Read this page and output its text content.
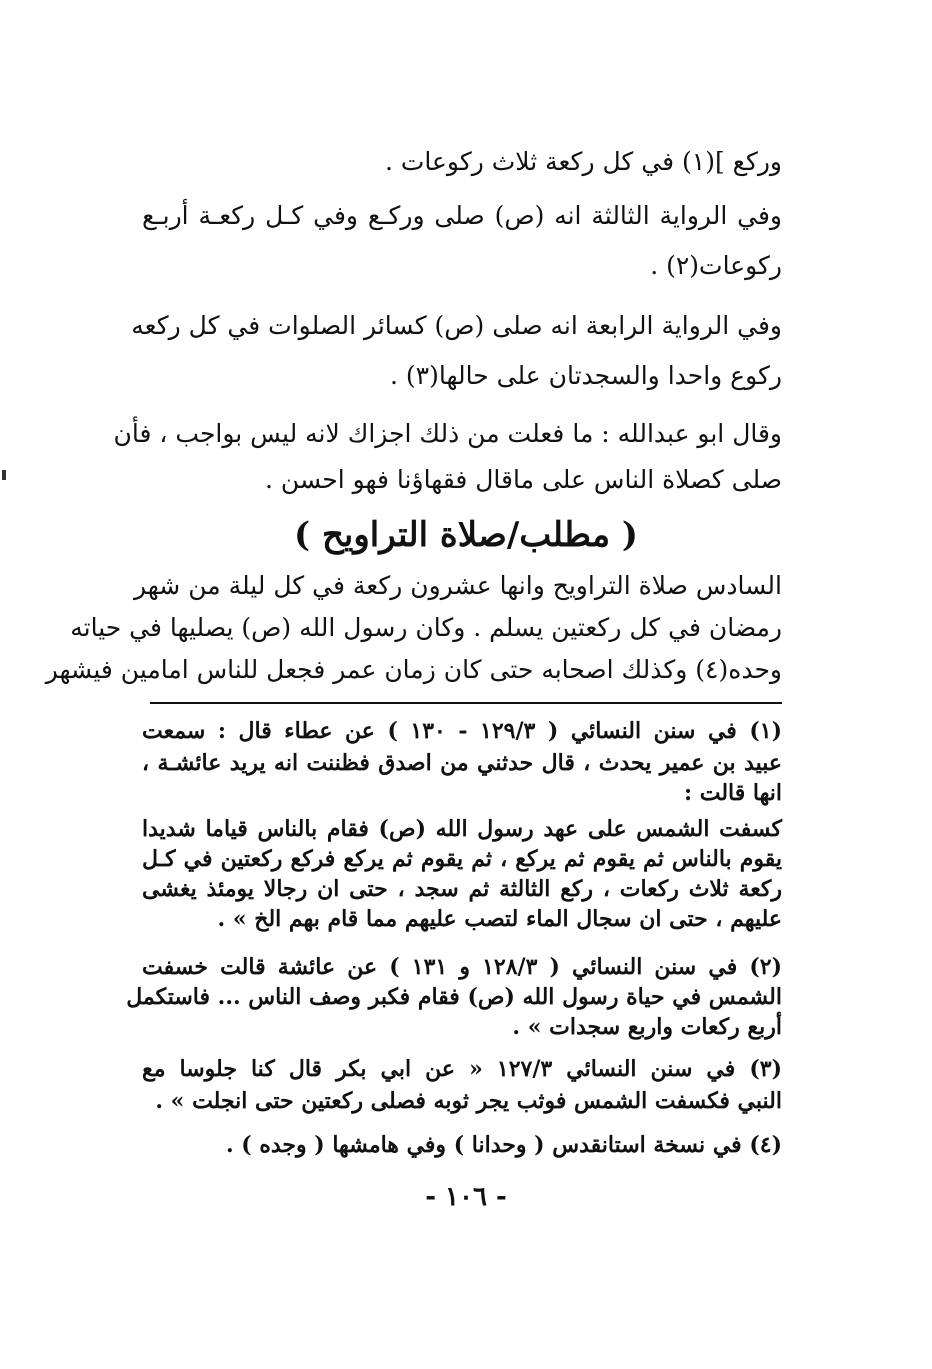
وركع ](١) في كل ركعة ثلاث ركوعات .
وفي الرواية الثالثة انه (ص) صلى وركـع وفي كـل ركعـة أربـع
ركوعات(٢) .
وفي الرواية الرابعة انه صلى (ص) كسائر الصلوات في كل ركعه
ركوع واحدا والسجدتان على حالها(٣) .
وقال ابو عبدالله : ما فعلت من ذلك اجزاك لانه ليس بواجب ، فأن
صلى كصلاة الناس على ماقال فقهاؤنا فهو احسن .
( مطلب/صلاة التراويح )
السادس صلاة التراويح وانها عشرون ركعة في كل ليلة من شهر
رمضان في كل ركعتين يسلم . وكان رسول الله (ص) يصليها في حياته
وحده(٤) وكذلك اصحابه حتى كان زمان عمر فجعل للناس امامين فيشهر
(١) في سنن النسائي ( ١٢٩/٣ - ١٣٠ ) عن عطاء قال : سمعت
عبيد بن عمير يحدث ، قال حدثني من اصدق فظننت انه يريد عائشـة ،
انها قالت :
كسفت الشمس على عهد رسول الله (ص) فقام بالناس قياما شديدا
يقوم بالناس ثم يقوم ثم يركع ، ثم يقوم ثم يركع فركع ركعتين في كـل
ركعة ثلاث ركعات ، ركع الثالثة ثم سجد ، حتى ان رجالا يومئذ يغشى
عليهم ، حتى ان سجال الماء لتصب عليهم مما قام بهم الخ » .
(٢) في سنن النسائي ( ١٢٨/٣ و ١٣١ ) عن عائشة قالت خسفت
الشمس في حياة رسول الله (ص) فقام فكبر وصف الناس ... فاستكمل
أربع ركعات واربع سجدات » .
(٣) في سنن النسائي ١٢٧/٣ « عن ابي بكر قال كنا جلوسا مع
النبي فكسفت الشمس فوثب يجر ثوبه فصلى ركعتين حتى انجلت » .
(٤) في نسخة استانقدس ( وحدانا ) وفي هامشها ( وجده ) .
- ١٠٦ -
